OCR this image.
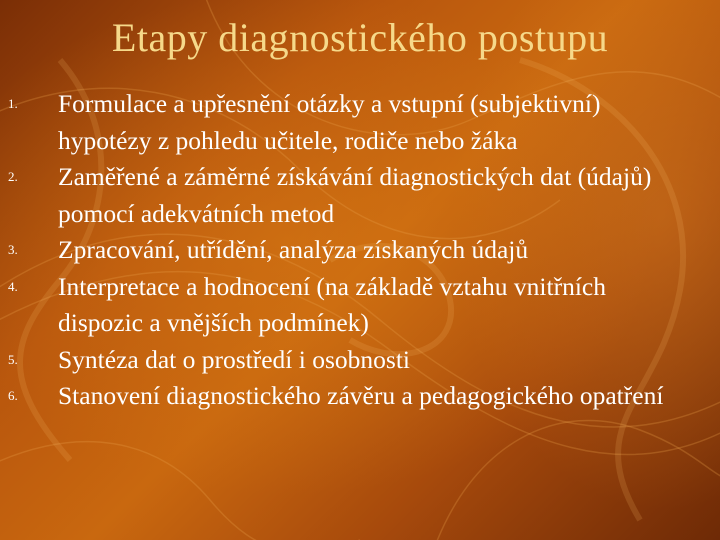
Etapy diagnostického postupu
1.	Formulace a upřesnění otázky a vstupní (subjektivní) hypotézy z pohledu učitele, rodiče nebo žáka
2.	Zaměřené a záměrné získávání diagnostických dat (údajů) pomocí adekvátních metod
3.	Zpracování, utřídění, analýza získaných údajů
4.	Interpretace a hodnocení (na základě vztahu vnitřních dispozic a vnějších podmínek)
5.	Syntéza dat o prostředí i osobnosti
6.	Stanovení diagnostického závěru a pedagogického opatření
